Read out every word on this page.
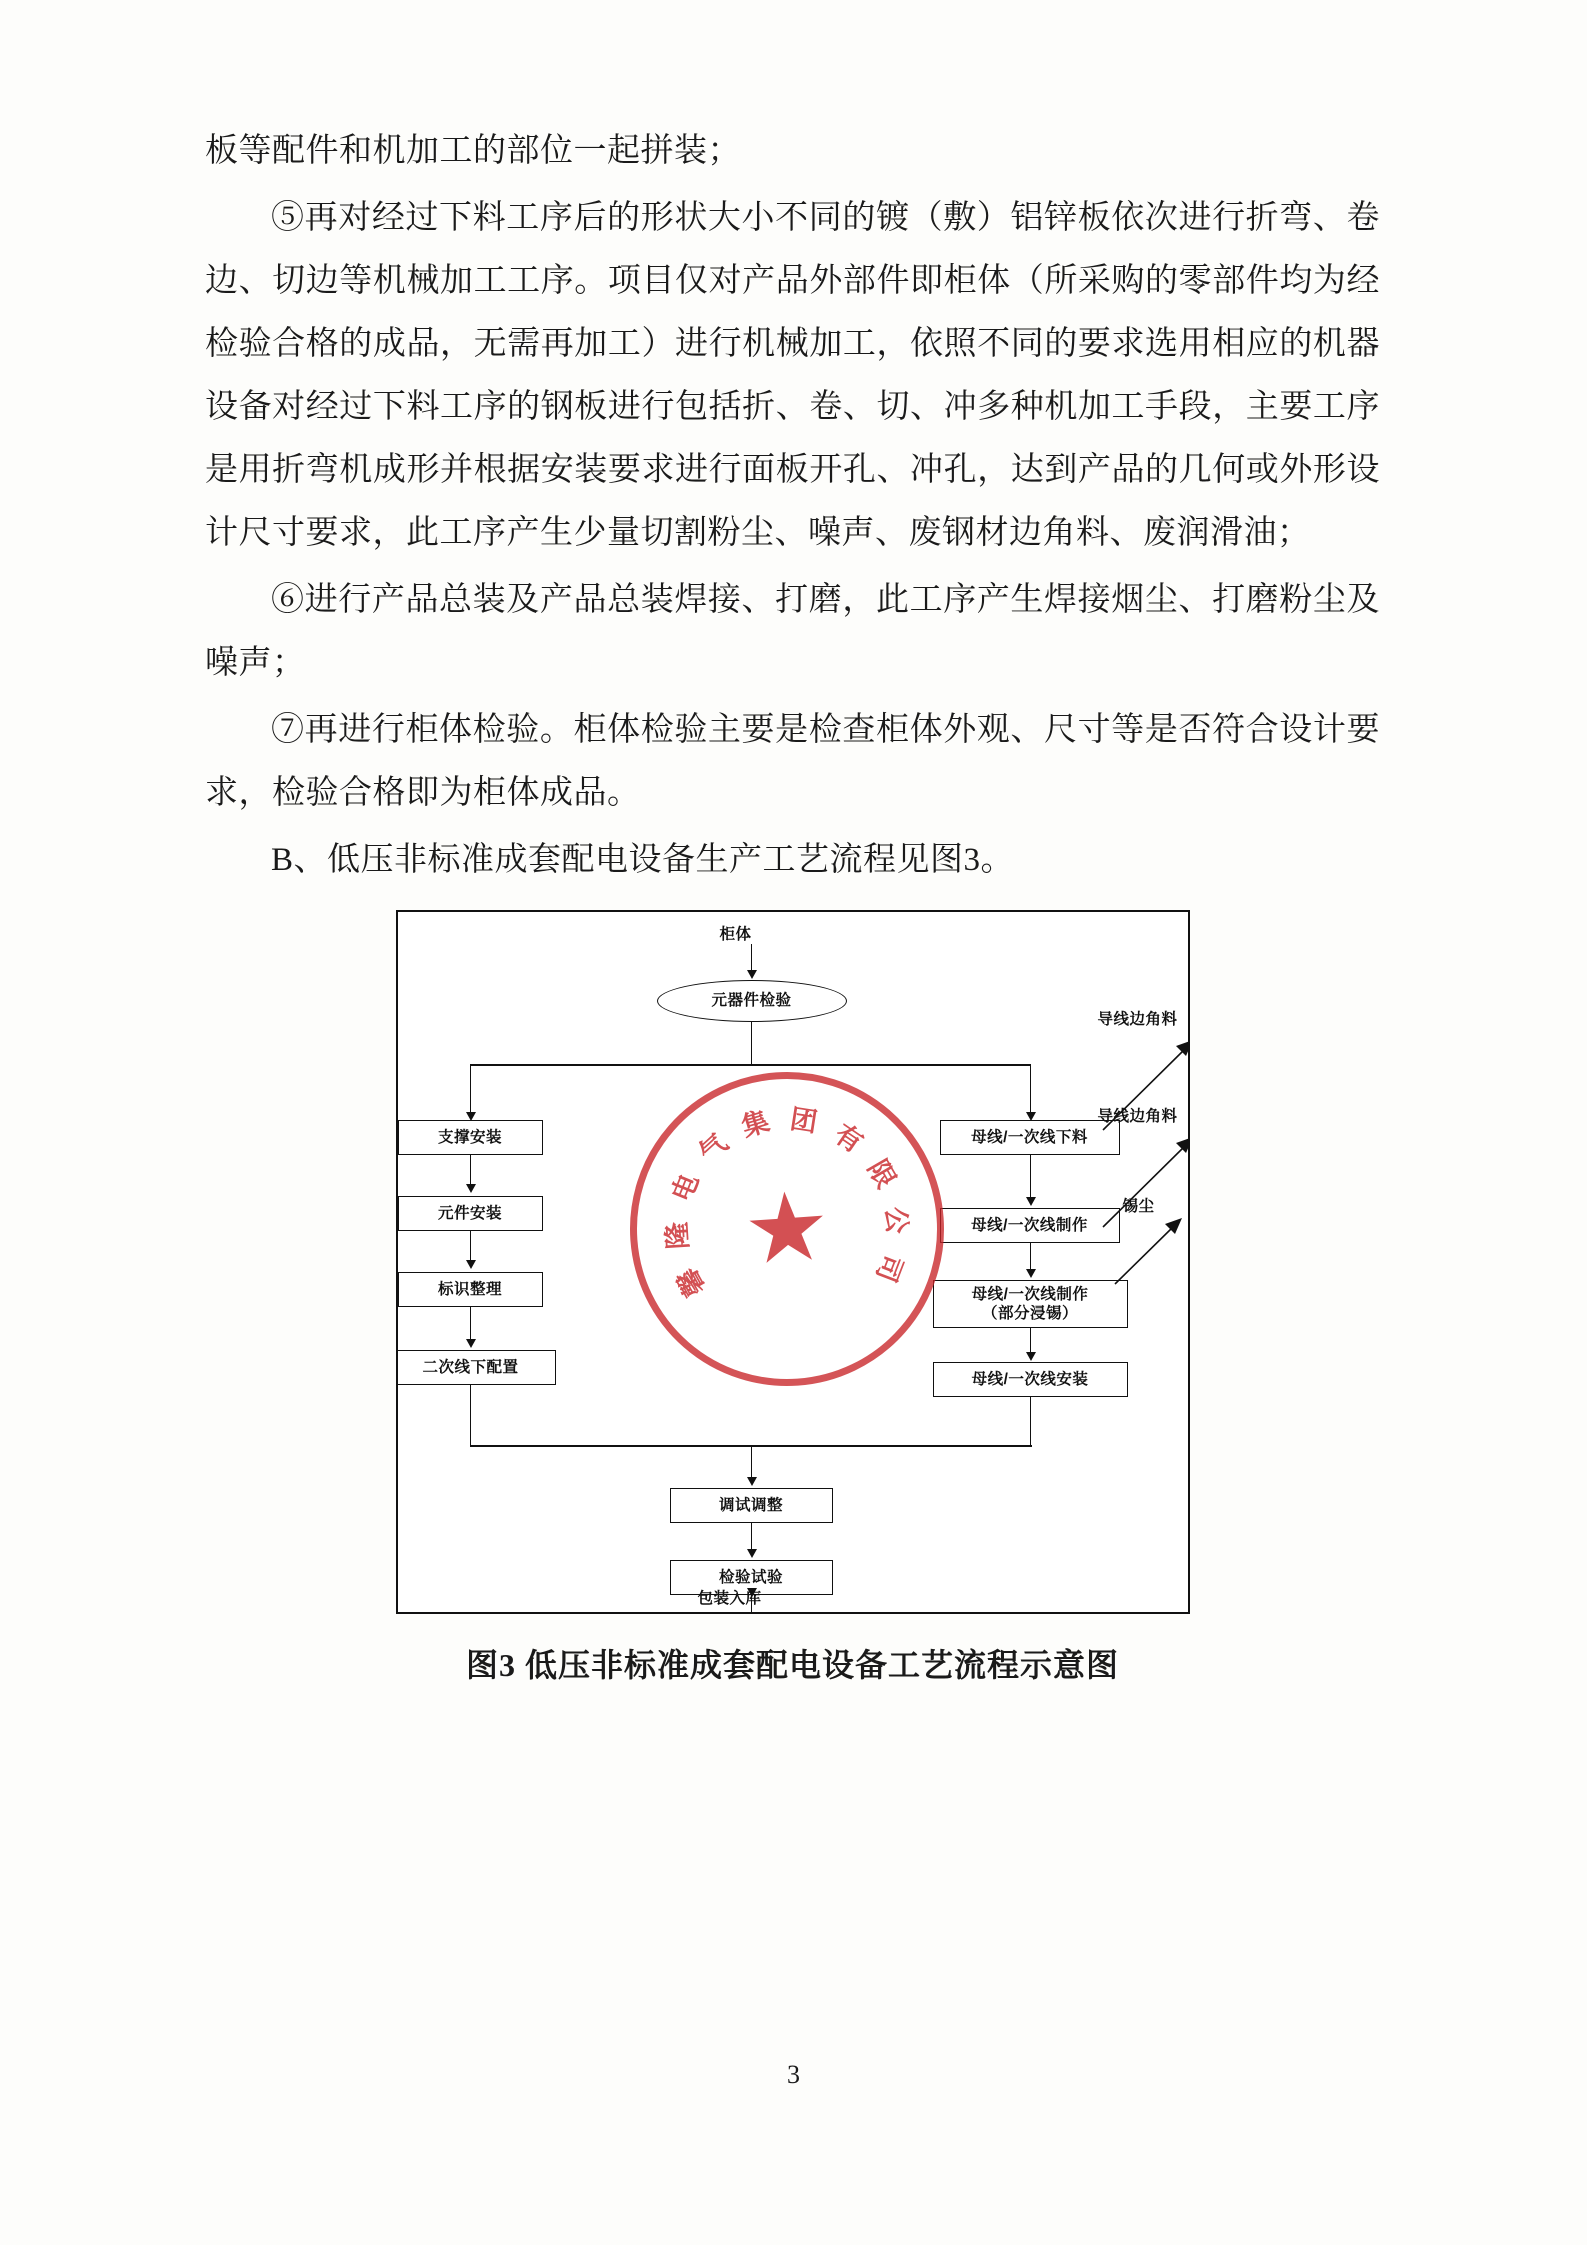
板等配件和机加工的部位一起拼装；

⑤再对经过下料工序后的形状大小不同的镀（敷）铝锌板依次进行折弯、卷边、切边等机械加工工序。项目仅对产品外部件即柜体（所采购的零部件均为经检验合格的成品，无需再加工）进行机械加工，依照不同的要求选用相应的机器设备对经过下料工序的钢板进行包括折、卷、切、冲多种机加工手段，主要工序是用折弯机成形并根据安装要求进行面板开孔、冲孔，达到产品的几何或外形设计尺寸要求，此工序产生少量切割粉尘、噪声、废钢材边角料、废润滑油；

⑥进行产品总装及产品总装焊接、打磨，此工序产生焊接烟尘、打磨粉尘及噪声；

⑦再进行柜体检验。柜体检验主要是检查柜体外观、尺寸等是否符合设计要求，检验合格即为柜体成品。

B、低压非标准成套配电设备生产工艺流程见图3。

柜体
元器件检验
支撑安装
元件安装
标识整理
二次线下配置
母线/一次线下料
母线/一次线制作
母线/一次线制作
（部分浸锡）
母线/一次线安装
导线边角料
导线边角料
锡尘
调试调整
检验试验
包装入库
★
馨
隆
电
气
集 团 有
限
公
司
图3 低压非标准成套配电设备工艺流程示意图
3
